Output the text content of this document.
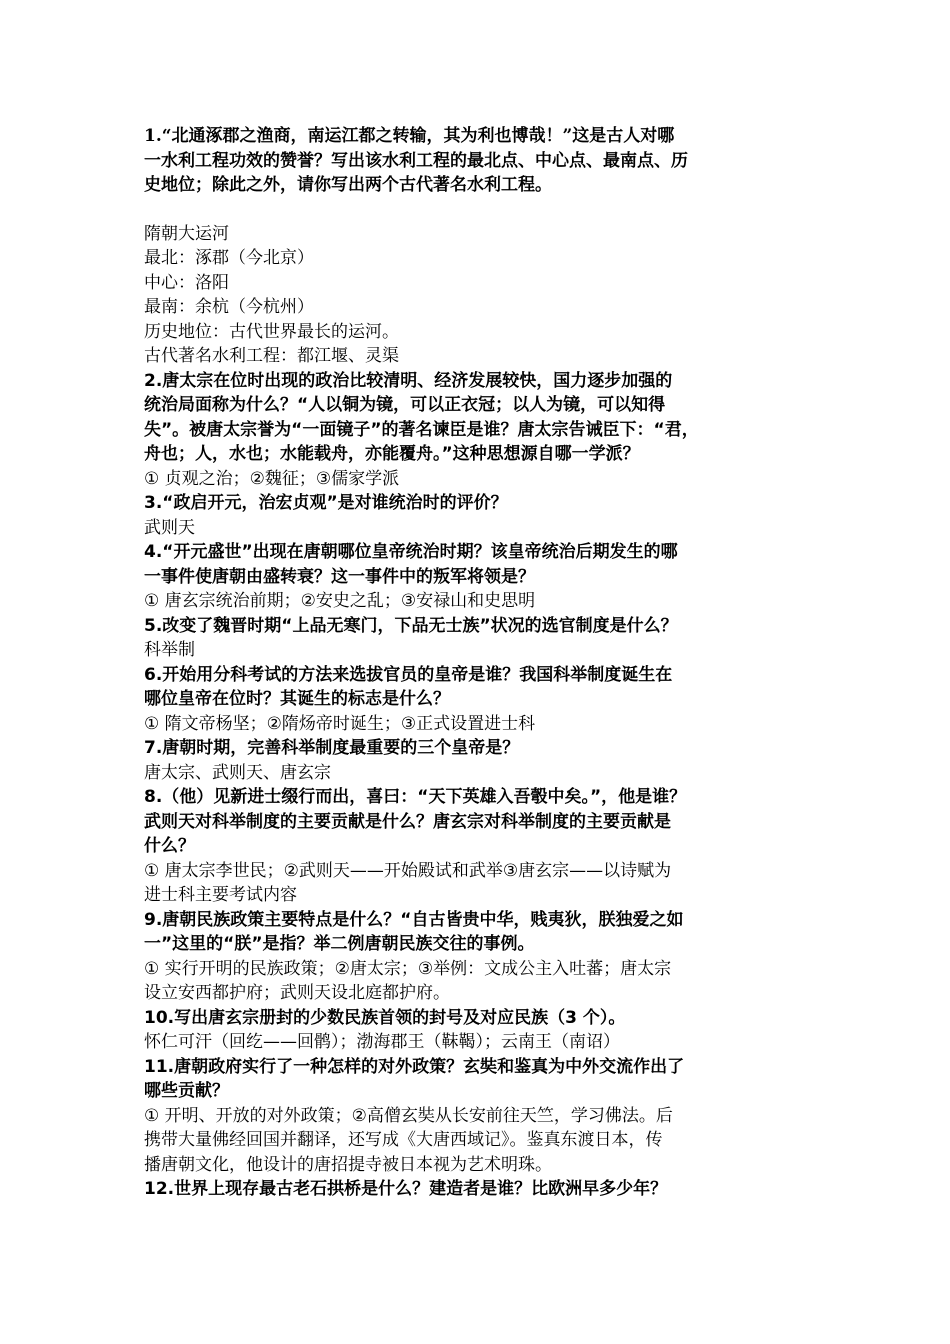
1.“北通涿郡之渔商，南运江都之转输，其为利也博哉！”这是古人对哪
一水利工程功效的赞誉？写出该水利工程的最北点、中心点、最南点、历
史地位；除此之外，请你写出两个古代著名水利工程。
隋朝大运河
最北：涿郡（今北京）
中心：洛阳
最南：余杭（今杭州）
历史地位：古代世界最长的运河。
古代著名水利工程：都江堰、灵渠
2.唐太宗在位时出现的政治比较清明、经济发展较快，国力逐步加强的
统治局面称为什么？“人以铜为镜，可以正衣冠；以人为镜，可以知得
失”。被唐太宗誉为“一面镜子”的著名谏臣是谁？唐太宗告诫臣下：“君，
舟也；人，水也；水能载舟，亦能覆舟。”这种思想源自哪一学派？
① 贞观之治；②魏征；③儒家学派
3.“政启开元，治宏贞观”是对谁统治时的评价？
武则天
4.“开元盛世”出现在唐朝哪位皇帝统治时期？该皇帝统治后期发生的哪
一事件使唐朝由盛转衰？这一事件中的叛军将领是？
① 唐玄宗统治前期；②安史之乱；③安禄山和史思明
5.改变了魏晋时期“上品无寒门，下品无士族”状况的选官制度是什么？
科举制
6.开始用分科考试的方法来选拔官员的皇帝是谁？我国科举制度诞生在
哪位皇帝在位时？其诞生的标志是什么？
① 隋文帝杨坚；②隋炀帝时诞生；③正式设置进士科
7.唐朝时期，完善科举制度最重要的三个皇帝是？
唐太宗、武则天、唐玄宗
8.（他）见新进士缀行而出，喜曰：“天下英雄入吾彀中矣。”，他是谁？
武则天对科举制度的主要贡献是什么？唐玄宗对科举制度的主要贡献是
什么？
① 唐太宗李世民；②武则天——开始殿试和武举③唐玄宗——以诗赋为
进士科主要考试内容
9.唐朝民族政策主要特点是什么？“自古皆贵中华，贱夷狄，朕独爱之如
一”这里的“朕”是指？举二例唐朝民族交往的事例。
① 实行开明的民族政策；②唐太宗；③举例：文成公主入吐蕃；唐太宗
设立安西都护府；武则天设北庭都护府。
10.写出唐玄宗册封的少数民族首领的封号及对应民族（3 个）。
怀仁可汗（回纥——回鹘）；渤海郡王（靺鞨）；云南王（南诏）
11.唐朝政府实行了一种怎样的对外政策？玄奘和鉴真为中外交流作出了
哪些贡献？
① 开明、开放的对外政策；②高僧玄奘从长安前往天竺，学习佛法。后
携带大量佛经回国并翻译，还写成《大唐西域记》。鉴真东渡日本，传
播唐朝文化，他设计的唐招提寺被日本视为艺术明珠。
12.世界上现存最古老石拱桥是什么？建造者是谁？比欧洲早多少年？
